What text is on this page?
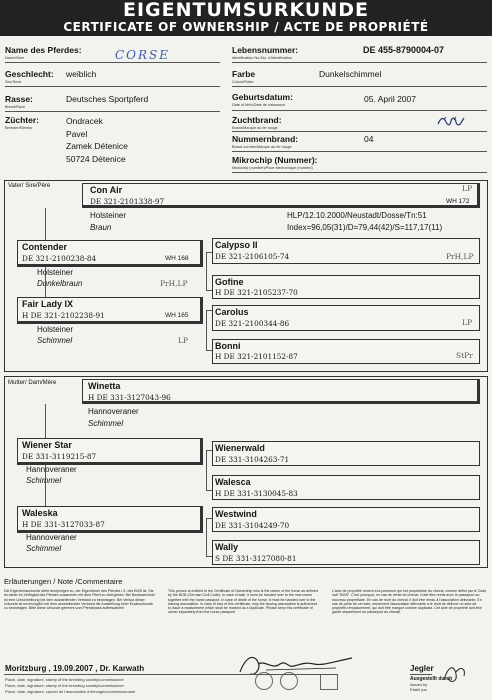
EIGENTUMSURKUNDE
CERTIFICATE OF OWNERSHIP / ACTE DE PROPRIÉTÉ
Name des Pferdes:
Name/Nom	CORSE
Geschlecht:
Sex/Sexe
weiblich
Rasse:
Breed/Race
Deutsches Sportpferd
Züchter:
Breeder/Eleveur
Ondracek
Pavel
Zamek Détenice
50724 Détenice
Lebensnummer:
Identification No./No. d'identification
DE 455-8790004-07
Farbe
Colour/Robe
Dunkelschimmel
Geburtsdatum:
Date of birth/Date de naissance
05. April 2007
Zuchtbrand:
Brand/Marque au fer rouge
Nummernbrand:
Brand number/Marque au fer rouge
04
Mikrochip (Nummer):
Microchip (number)/Puce électronique (numéro)
Vater/ Sire/Père	Con Air
DE 321-2101338-97
LP
WH 172
Holsteiner
Braun
HLP/12.10.2000/Neustadt/Dosse/Tn:51
Index=96,05(31)/D=79,44(42)/S=117,17(11)
Contender
DE 321-2100238-84	WH 168
Holsteiner
Dunkelbraun	PrH,LP
Fair Lady IX
H DE 321-2102238-91	WH 165
Holsteiner
Schimmel	LP
Calypso II
DE 321-2106105-74	PrH,LP
Gofine
H DE 321-2105237-70
Carolus
DE 321-2100344-86	LP
Bonni
H DE 321-2101152-87	StPr
Mutter/ Dam/Mère	Winetta
H DE 331-3127043-96
Hannoveraner
Schimmel
Wiener Star
DE 331-3119215-87
Hannoveraner
Schimmel
Waleska
H DE 331-3127033-87
Hannoveraner
Schimmel
Wienerwald
DE 331-3104263-71
Walesca
H DE 331-3130045-83
Westwind
DE 331-3104249-70
Wally
S DE 331-3127080-81
Erläuterungen / Note /Commentaire
Die Eigentumsurkunde steht demjenigen zu, der Eigentümer des Pferdes i.S. des BGB ist. Sie ist daher im Verfügfall des Pferdes zusammen mit dem Pferd zu übergeben. Bei Besitzwechsel ist eine Umschreibung bei dem ausstellenden Verband zu beantragen. Bei Verlust dieser Urkunde ist unverzüglich bei dem ausstellenden Verband die Ausstellung einer Ersatzurkunde zu beantragen. Bitte diese Urkunde getrennt vom Pferdepass aufbewahren!
This person is entitled to the Certificate of Ownership who is the owner of the horse as defined by the BGB (German Civil Code). In case of sale, it must be handed over to the new owner together with the horse passport. In case of death of the horse, it must be handed over to the issuing association. In case of loss of this certificate, only the issuing association is authorized to issue a replacement which shall be marked as a duplicate. Please keep this certificate of owner separately from the horse passport!
L'acte de propriété revient à la personne qui est propriétaire du cheval, comme défini par le Code civil "BGB". C'est pourquoi, en cas de vente du cheval, il doit être remis avec le passeport au nouveau propriétaire. En cas de mort du cheval, il doit être rendu à l'association délivrante. En cas de perte de cet acte, seulement l'association délivrante a le droit de délivrer un acte de propriété-remplacement, qui doit être marqué comme duplicata. Cet acte de propriété doit être gardé séparément du passeport du cheval!
Moritzburg , 19.09.2007 , Dr. Karwath
Place, date, signature, stamp of the breeding society/commissioner
Place, date, signature, stamp of the breeding society/commissioner
Place, date, signature, cachet de l'association d'élevage/commissionnaire
Jegler
Ausgestellt durch
Issued by
Établi par
